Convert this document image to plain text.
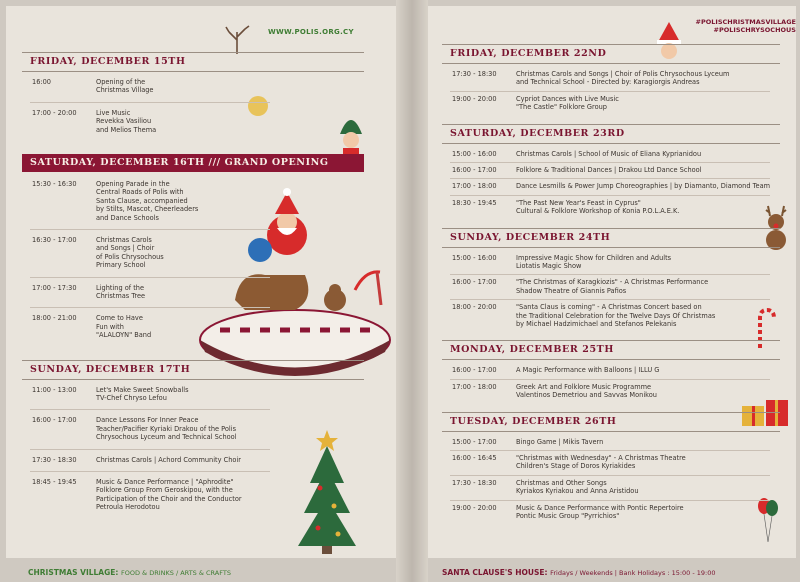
WWW.POLIS.ORG.CY
#POLISCHRISTMASVILLAGE
#POLISCHRYSOCHOUS
FRIDAY, DECEMBER 15TH
16:00	Opening of the
Christmas Village
17:00 - 20:00	Live Music
Revekka Vasiliou
and Melios Thema
SATURDAY, DECEMBER 16TH /// GRAND OPENING
15:30 - 16:30	Opening Parade in the
Central Roads of Polis with
Santa Clause, accompanied
by Stilts, Mascot, Cheerleaders
and Dance Schools
16:30 - 17:00	Christmas Carols
and Songs | Choir
of Polis Chrysochous
Primary School
17:00 - 17:30	Lighting of the
Christmas Tree
18:00 - 21:00	Come to Have
Fun with
"ALALOYN" Band
SUNDAY, DECEMBER 17TH
11:00 - 13:00	Let's Make Sweet Snowballs
TV-Chef Chryso Lefou
16:00 - 17:00	Dance Lessons For Inner Peace
Teacher/Pacifier Kyriaki Drakou of the Polis
Chrysochous Lyceum and Technical School
17:30 - 18:30	Christmas Carols | Achord Community Choir
18:45 - 19:45	Music & Dance Performance | "Aphrodite"
Folklore Group From Geroskipou, with the
Participation of the Choir and the Conductor
Petroula Herodotou
FRIDAY, DECEMBER 22ND
17:30 - 18:30	Christmas Carols and Songs | Choir of Polis Chrysochous Lyceum
and Technical School - Directed by: Karagiorgis Andreas
19:00 - 20:00	Cypriot Dances with Live Music
"The Castle" Folklore Group
SATURDAY, DECEMBER 23RD
15:00 - 16:00	Christmas Carols | School of Music of Eliana Kyprianidou
16:00 - 17:00	Folklore & Traditional Dances | Drakou Ltd Dance School
17:00 - 18:00	Dance Lesmills & Power Jump Choreographies | by Diamanto, Diamond Team
18:30 - 19:45	"The Past New Year's Feast in Cyprus"
Cultural & Folklore Workshop of Konia P.O.L.A.E.K.
SUNDAY, DECEMBER 24TH
15:00 - 16:00	Impressive Magic Show for Children and Adults
Liotatis Magic Show
16:00 - 17:00	"The Christmas of Karagkiozis" - A Christmas Performance
Shadow Theatre of Giannis Pafios
18:00 - 20:00	"Santa Claus is coming" - A Christmas Concert based on
the Traditional Celebration for the Twelve Days Of Christmas
by Michael Hadzimichael and Stefanos Pelekanis
MONDAY, DECEMBER 25TH
16:00 - 17:00	A Magic Performance with Balloons | ILLU G
17:00 - 18:00	Greek Art and Folklore Music Programme
Valentinos Demetriou and Savvas Monikou
TUESDAY, DECEMBER 26TH
15:00 - 17:00	Bingo Game | Mikis Tavern
16:00 - 16:45	"Christmas with Wednesday" - A Christmas Theatre
Children's Stage of Doros Kyriakides
17:30 - 18:30	Christmas and Other Songs
Kyriakos Kyriakou and Anna Aristidou
19:00 - 20:00	Music & Dance Performance with Pontic Repertoire
Pontic Music Group "Pyrrichios"
CHRISTMAS VILLAGE: FOOD & DRINKS / ARTS & CRAFTS	SANTA CLAUSE'S HOUSE: Fridays / Weekends | Bank Holidays : 15:00 - 19:00
